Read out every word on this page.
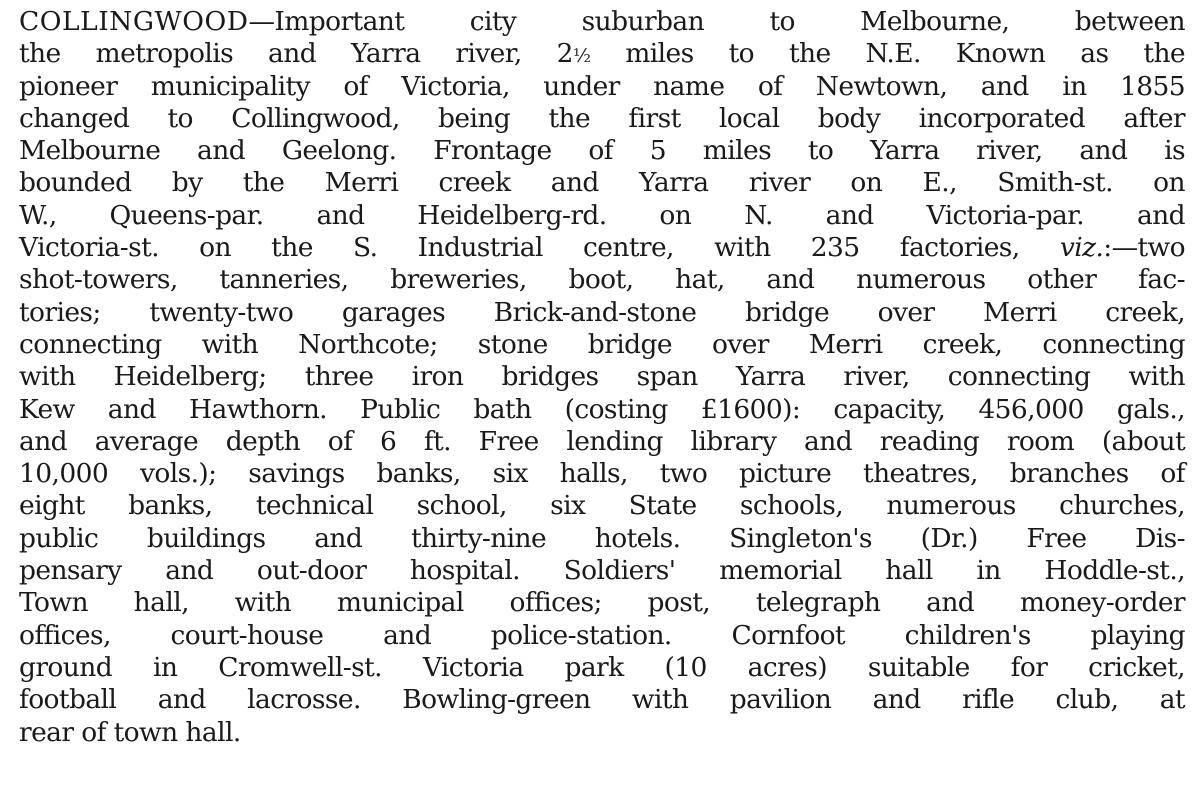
COLLINGWOOD—Important city suburban to Melbourne, between
the metropolis and Yarra river, 2½ miles to the N.E. Known as the
pioneer municipality of Victoria, under name of Newtown, and in 1855
changed to Collingwood, being the first local body incorporated after
Melbourne and Geelong. Frontage of 5 miles to Yarra river, and is
bounded by the Merri creek and Yarra river on E., Smith-st. on
W., Queens-par. and Heidelberg-rd. on N. and Victoria-par. and
Victoria-st. on the S. Industrial centre, with 235 factories, viz.:—two
shot-towers, tanneries, breweries, boot, hat, and numerous other fac-
tories; twenty-two garages Brick-and-stone bridge over Merri creek,
connecting with Northcote; stone bridge over Merri creek, connecting
with Heidelberg; three iron bridges span Yarra river, connecting with
Kew and Hawthorn. Public bath (costing £1600): capacity, 456,000 gals.,
and average depth of 6 ft. Free lending library and reading room (about
10,000 vols.); savings banks, six halls, two picture theatres, branches of
eight banks, technical school, six State schools, numerous churches,
public buildings and thirty-nine hotels. Singleton's (Dr.) Free Dis-
pensary and out-door hospital. Soldiers' memorial hall in Hoddle-st.,
Town hall, with municipal offices; post, telegraph and money-order
offices, court-house and police-station. Cornfoot children's playing
ground in Cromwell-st. Victoria park (10 acres) suitable for cricket,
football and lacrosse. Bowling-green with pavilion and rifle club, at
rear of town hall.
